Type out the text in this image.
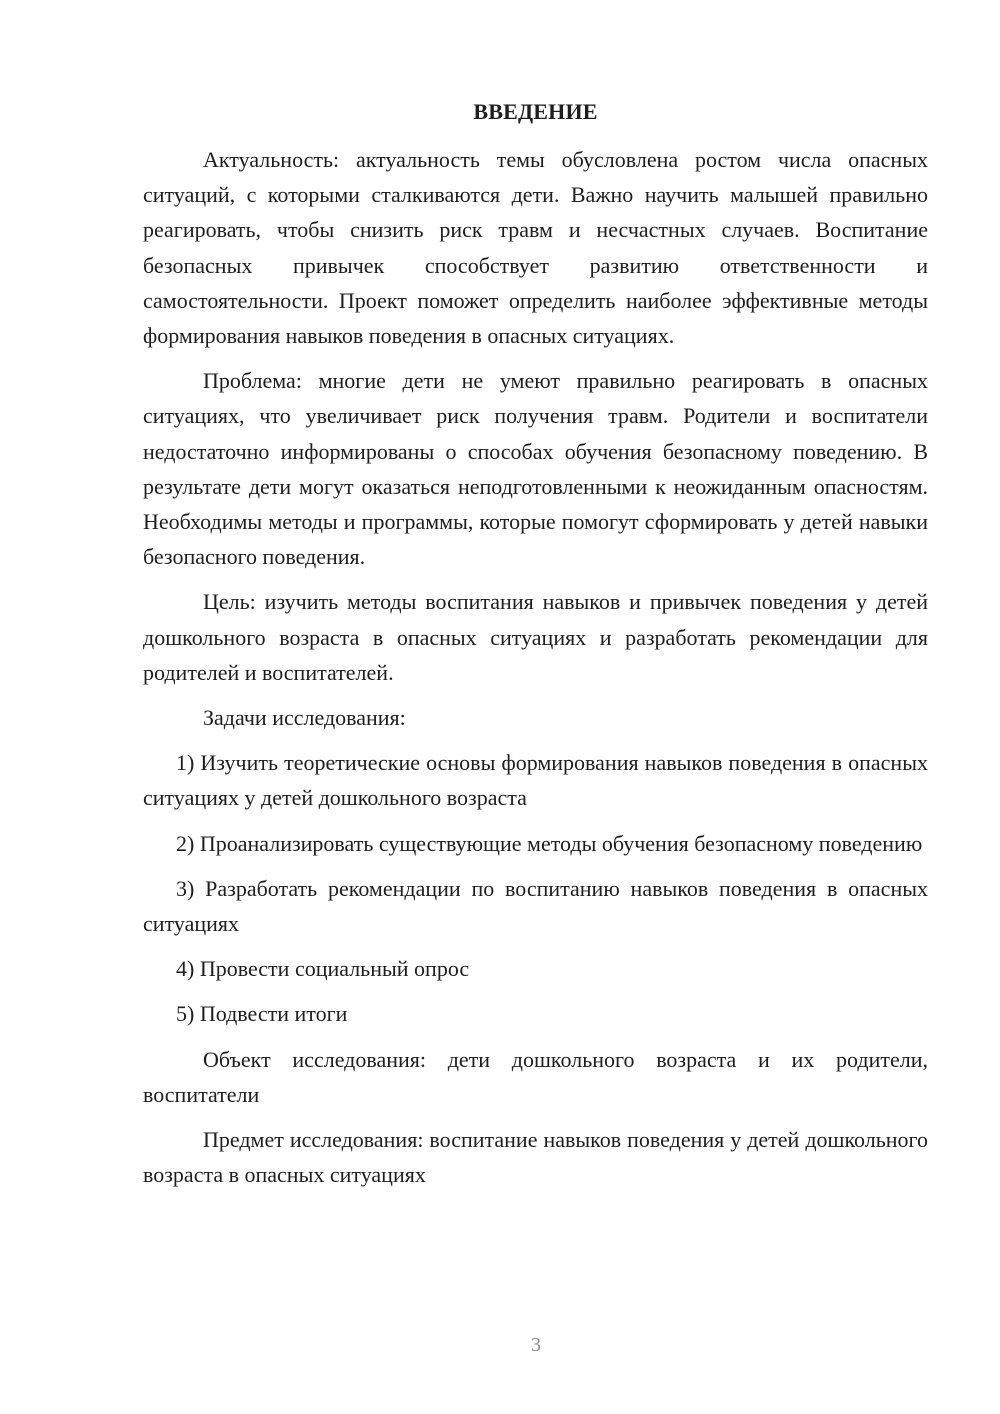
ВВЕДЕНИЕ

Актуальность: актуальность темы обусловлена ростом числа опасных ситуаций, с которыми сталкиваются дети. Важно научить малышей правильно реагировать, чтобы снизить риск травм и несчастных случаев. Воспитание безопасных привычек способствует развитию ответственности и самостоятельности. Проект поможет определить наиболее эффективные методы формирования навыков поведения в опасных ситуациях.

Проблема: многие дети не умеют правильно реагировать в опасных ситуациях, что увеличивает риск получения травм. Родители и воспитатели недостаточно информированы о способах обучения безопасному поведению. В результате дети могут оказаться неподготовленными к неожиданным опасностям. Необходимы методы и программы, которые помогут сформировать у детей навыки безопасного поведения.

Цель: изучить методы воспитания навыков и привычек поведения у детей дошкольного возраста в опасных ситуациях и разработать рекомендации для родителей и воспитателей.

Задачи исследования:

1) Изучить теоретические основы формирования навыков поведения в опасных ситуациях у детей дошкольного возраста

2) Проанализировать существующие методы обучения безопасному поведению

3) Разработать рекомендации по воспитанию навыков поведения в опасных ситуациях

4) Провести социальный опрос

5) Подвести итоги

Объект исследования: дети дошкольного возраста и их родители, воспитатели

Предмет исследования: воспитание навыков поведения у детей дошкольного возраста в опасных ситуациях

3
